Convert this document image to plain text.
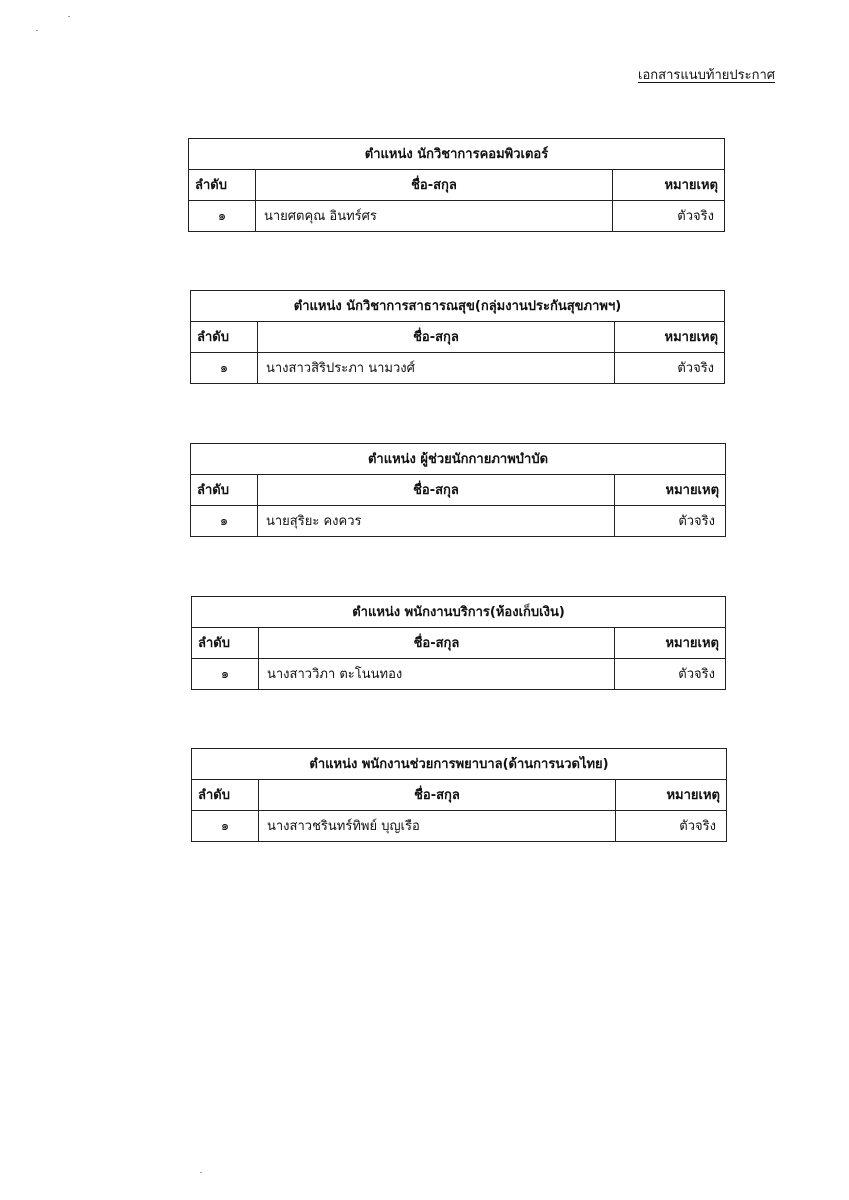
เอกสารแนบท้ายประกาศ
ตำแหน่ง นักวิชาการคอมพิวเตอร์		
ลำดับ	ชื่อ-สกุล	หมายเหตุ
๑	นายศตคุณ อินทร์ศร	ตัวจริง
ตำแหน่ง นักวิชาการสาธารณสุข(กลุ่มงานประกันสุขภาพฯ)		
ลำดับ	ชื่อ-สกุล	หมายเหตุ
๑	นางสาวสิริประภา นามวงศ์	ตัวจริง
ตำแหน่ง ผู้ช่วยนักกายภาพบำบัด		
ลำดับ	ชื่อ-สกุล	หมายเหตุ
๑	นายสุริยะ คงควร	ตัวจริง
ตำแหน่ง พนักงานบริการ(ห้องเก็บเงิน)		
ลำดับ	ชื่อ-สกุล	หมายเหตุ
๑	นางสาววิภา ตะโนนทอง	ตัวจริง
ตำแหน่ง พนักงานช่วยการพยาบาล(ด้านการนวดไทย)		
ลำดับ	ชื่อ-สกุล	หมายเหตุ
๑	นางสาวชรินทร์ทิพย์ บุญเรือ	ตัวจริง
